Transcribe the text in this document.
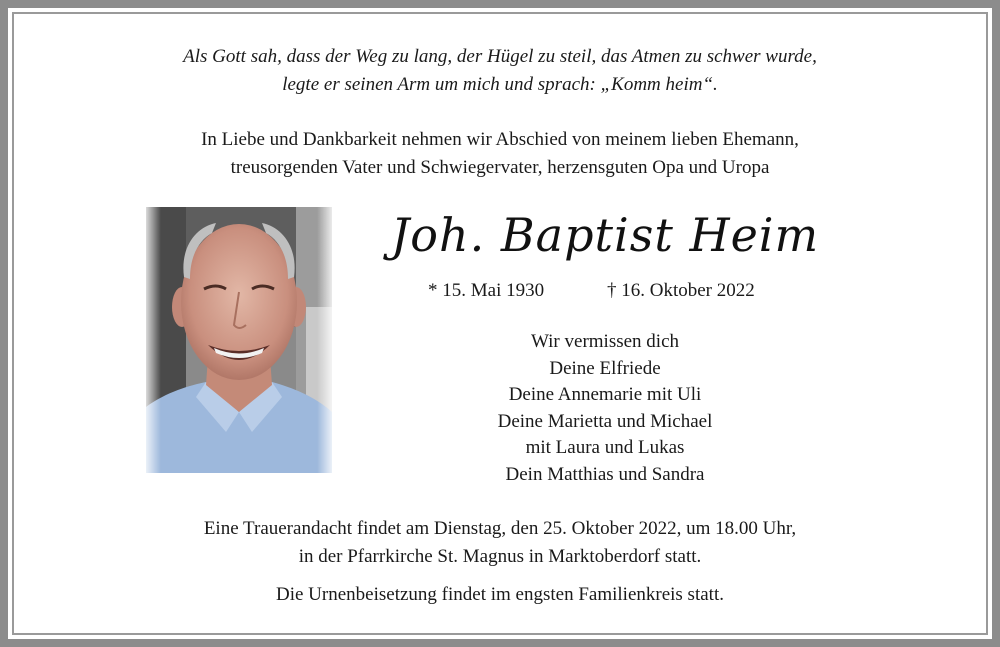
Als Gott sah, dass der Weg zu lang, der Hügel zu steil, das Atmen zu schwer wurde,
legte er seinen Arm um mich und sprach: „Komm heim“.
In Liebe und Dankbarkeit nehmen wir Abschied von meinem lieben Ehemann,
treusorgenden Vater und Schwiegervater, herzensguten Opa und Uropa
Joh. Baptist Heim
* 15. Mai 1930	† 16. Oktober 2022
Wir vermissen dich
Deine Elfriede
Deine Annemarie mit Uli
Deine Marietta und Michael
mit Laura und Lukas
Dein Matthias und Sandra
Eine Trauerandacht findet am Dienstag, den 25. Oktober 2022, um 18.00 Uhr,
in der Pfarrkirche St. Magnus in Marktoberdorf statt.
Die Urnenbeisetzung findet im engsten Familienkreis statt.
